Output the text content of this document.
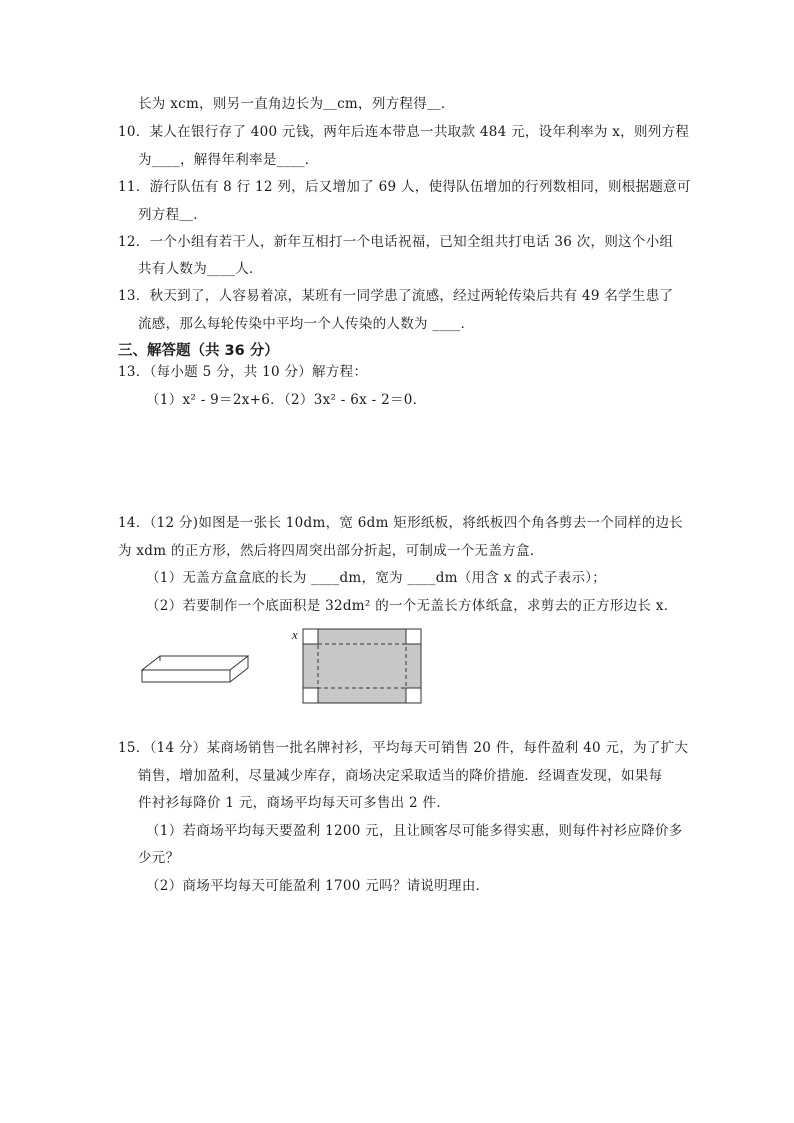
长为 xcm，则另一直角边长为＿cm，列方程得＿．
10．某人在银行存了 400 元钱，两年后连本带息一共取款 484 元，设年利率为 x，则列方程
为____，解得年利率是____．
11．游行队伍有 8 行 12 列，后又增加了 69 人，使得队伍增加的行列数相同，则根据题意可
列方程＿．
12．一个小组有若干人，新年互相打一个电话祝福，已知全组共打电话 36 次，则这个小组
共有人数为____人．
13．秋天到了，人容易着凉，某班有一同学患了流感，经过两轮传染后共有 49 名学生患了
流感，那么每轮传染中平均一个人传染的人数为 ____．
三、解答题（共 36 分）
13．（每小题 5 分，共 10 分）解方程：
（1）x² ‐ 9＝2x+6．（2）3x² ‐ 6x ‐ 2＝0．
14．（12 分)如图是一张长 10dm，宽 6dm 矩形纸板，将纸板四个角各剪去一个同样的边长
为 xdm 的正方形，然后将四周突出部分折起，可制成一个无盖方盒．
（1）无盖方盒盒底的长为 ____dm，宽为 ____dm（用含 x 的式子表示）；
（2）若要制作一个底面积是 32dm² 的一个无盖长方体纸盒，求剪去的正方形边长 x．
x
15．（14 分）某商场销售一批名牌衬衫，平均每天可销售 20 件，每件盈利 40 元，为了扩大
销售，增加盈利，尽量减少库存，商场决定采取适当的降价措施．经调查发现，如果每
件衬衫每降价 1 元，商场平均每天可多售出 2 件．
（1）若商场平均每天要盈利 1200 元，且让顾客尽可能多得实惠，则每件衬衫应降价多
少元？
（2）商场平均每天可能盈利 1700 元吗？请说明理由．
